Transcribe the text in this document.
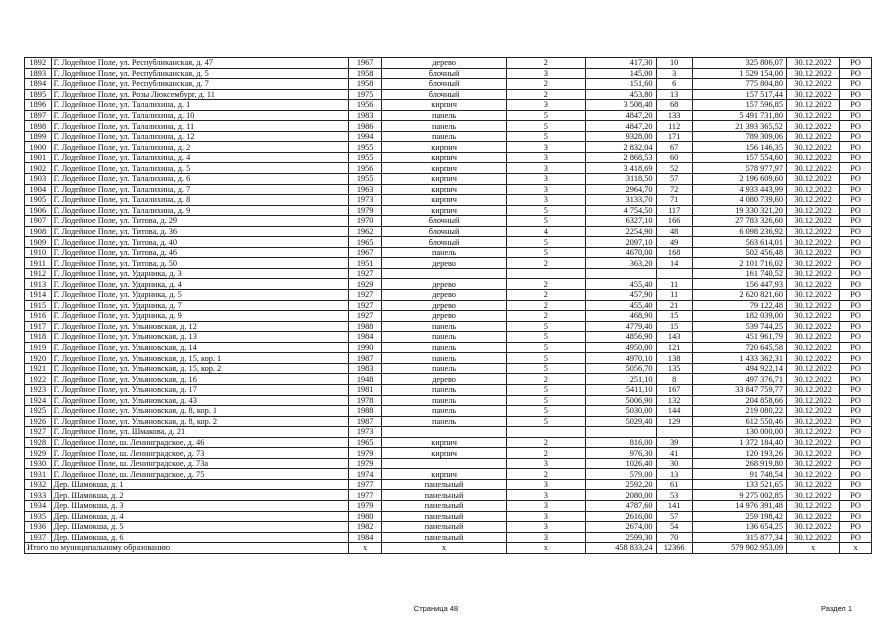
1892	Г. Лодейное Поле, ул. Республиканская, д. 47	1967	дерево	2	417,30	10	325 806,07	30.12.2022	РО
1893	Г. Лодейное Поле, ул. Республиканская, д. 5	1958	блочный	3	145,00	3	1 529 154,00	30.12.2022	РО
1894	Г. Лодейное Поле, ул. Республиканская, д. 7	1958	блочный	2	151,60	6	775 804,80	30.12.2022	РО
1895	Г. Лодейное Поле, ул. Розы Люксембург, д. 11	1975	блочный	2	453,80	13	157 517,44	30.12.2022	РО
1896	Г. Лодейное Поле, ул. Талалихина, д. 1	1956	кирпич	3	3 508,40	68	157 596,85	30.12.2022	РО
1897	Г. Лодейное Поле, ул. Талалихина, д. 10	1983	панель	5	4847,20	133	5 491 731,80	30.12.2022	РО
1898	Г. Лодейное Поле, ул. Талалихина, д. 11	1986	панель	5	4847,20	112	21 393 365,52	30.12.2022	РО
1899	Г. Лодейное Поле, ул. Талалихина, д. 12	1994	панель	5	9328,00	171	789 309,06	30.12.2022	РО
1900	Г. Лодейное Поле, ул. Талалихина, д. 2	1955	кирпич	3	2 832,04	67	156 146,35	30.12.2022	РО
1901	Г. Лодейное Поле, ул. Талалихина, д. 4	1955	кирпич	3	2 868,53	60	157 554,60	30.12.2022	РО
1902	Г. Лодейное Поле, ул. Талалихина, д. 5	1956	кирпич	3	3 418,69	52	578 977,97	30.12.2022	РО
1903	Г. Лодейное Поле, ул. Талалихина, д. 6	1955	кирпич	3	3118,50	57	2 196 609,60	30.12.2022	РО
1904	Г. Лодейное Поле, ул. Талалихина, д. 7	1963	кирпич	3	2964,70	72	4 933 443,99	30.12.2022	РО
1905	Г. Лодейное Поле, ул. Талалихина, д. 8	1973	кирпич	3	3133,70	71	4 080 739,60	30.12.2022	РО
1906	Г. Лодейное Поле, ул. Талалихина, д. 9	1979	кирпич	5	4 754,50	117	19 330 321,20	30.12.2022	РО
1907	Г. Лодейное Поле, ул. Титова, д. 29	1970	блочный	5	6327,10	166	27 783 326,60	30.12.2022	РО
1908	Г. Лодейное Поле, ул. Титова, д. 36	1962	блочный	4	2254,90	48	6 098 236,92	30.12.2022	РО
1909	Г. Лодейное Поле, ул. Титова, д. 40	1965	блочный	5	2097,10	49	563 614,01	30.12.2022	РО
1910	Г. Лодейное Поле, ул. Титова, д. 46	1967	панель	5	4670,00	168	502 456,48	30.12.2022	РО
1911	Г. Лодейное Поле, ул. Титова, д. 50	1951	дерево	2	363,20	14	2 101 716,02	30.12.2022	РО
1912	Г. Лодейное Поле, ул. Ударника, д. 3	1927					161 740,52	30.12.2022	РО
1913	Г. Лодейное Поле, ул. Ударника, д. 4	1929	дерево	2	455,40	11	156 447,93	30.12.2022	РО
1914	Г. Лодейное Поле, ул. Ударника, д. 5	1927	дерево	2	457,90	11	2 620 821,60	30.12.2022	РО
1915	Г. Лодейное Поле, ул. Ударника, д. 7	1927	дерево	2	455,40	21	79 122,48	30.12.2022	РО
1916	Г. Лодейное Поле, ул. Ударника, д. 9	1927	дерево	2	468,90	15	182 039,00	30.12.2022	РО
1917	Г. Лодейное Поле, ул. Ульяновская, д. 12	1988	панель	5	4779,40	15	539 744,25	30.12.2022	РО
1918	Г. Лодейное Поле, ул. Ульяновская, д. 13	1984	панель	5	4856,90	143	451 961,79	30.12.2022	РО
1919	Г. Лодейное Поле, ул. Ульяновская, д. 14	1990	панель	5	4950,00	121	720 645,58	30.12.2022	РО
1920	Г. Лодейное Поле, ул. Ульяновская, д. 15, кор. 1	1987	панель	5	4970,10	138	1 433 362,31	30.12.2022	РО
1921	Г. Лодейное Поле, ул. Ульяновская, д. 15, кор. 2	1983	панель	5	5056,70	135	494 922,14	30.12.2022	РО
1922	Г. Лодейное Поле, ул. Ульяновская, д. 16	1948	дерево	2	251,10	8	497 376,71	30.12.2022	РО
1923	Г. Лодейное Поле, ул. Ульяновская, д. 17	1981	панель	5	5411,10	167	33 847 759,77	30.12.2022	РО
1924	Г. Лодейное Поле, ул. Ульяновская, д. 43	1978	панель	5	5006,90	132	204 858,66	30.12.2022	РО
1925	Г. Лодейное Поле, ул. Ульяновская, д. 8, кор. 1	1988	панель	5	5030,00	144	219 080,22	30.12.2022	РО
1926	Г. Лодейное Поле, ул. Ульяновская, д. 8, кор. 2	1987	панель	5	5029,40	129	612 550,46	30.12.2022	РО
1927	Г. Лодейное Поле, ул. Шмакова, д. 21	1973					130 000,00	30.12.2022	РО
1928	Г. Лодейное Поле, ш. Ленинградское, д. 46	1965	кирпич	2	816,00	39	1 372 184,40	30.12.2022	РО
1929	Г. Лодейное Поле, ш. Ленинградское, д. 73	1979	кирпич	2	976,30	41	120 193,26	30.12.2022	РО
1930	Г. Лодейное Поле, ш. Ленинградское, д. 73а	1979		3	1026,40	30	268 919,80	30.12.2022	РО
1931	Г. Лодейное Поле, ш. Ленинградское, д. 75	1974	кирпич	2	579,00	13	91 748,54	30.12.2022	РО
1932	Дер. Шамокша, д. 1	1977	панельный	3	2592,20	61	133 521,65	30.12.2022	РО
1933	Дер. Шамокша, д. 2	1977	панельный	3	2080,00	53	9 275 002,85	30.12.2022	РО
1934	Дер. Шамокша, д. 3	1979	панельный	3	4787,60	141	14 976 391,48	30.12.2022	РО
1935	Дер. Шамокша, д. 4	1980	панельный	3	2616,00	57	259 198,42	30.12.2022	РО
1936	Дер. Шамокша, д. 5	1982	панельный	3	2674,00	54	136 654,25	30.12.2022	РО
1937	Дер. Шамокша, д. 6	1984	панельный	3	2599,30	70	315 877,34	30.12.2022	РО
Итого по муниципальному образованию		x	x	x	458 833,24	12366	579 902 953,09	x	x
Страница 48	Раздел 1
